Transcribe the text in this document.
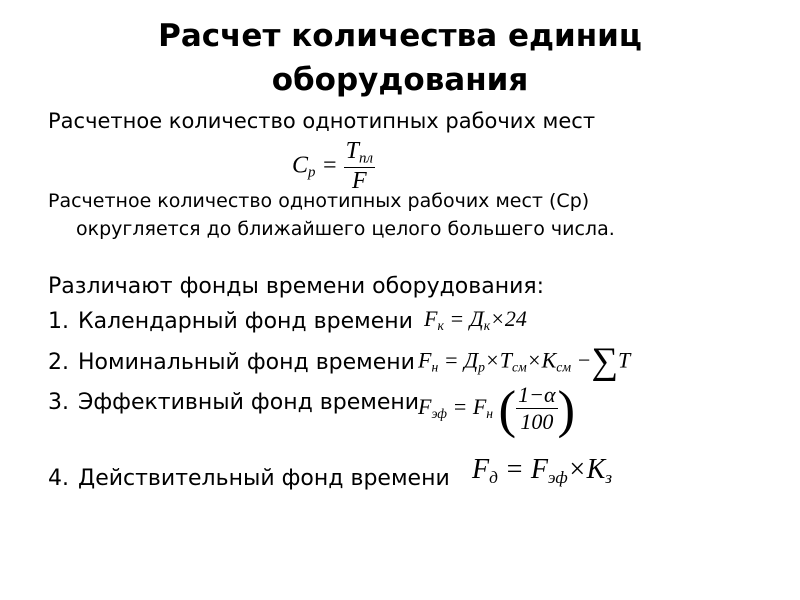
Расчет количества единиц
оборудования
Расчетное количество однотипных рабочих мест
$C_p = \frac{T_{пл}}{F}$
Расчетное количество однотипных рабочих мест (Ср)
округляется до ближайшего целого большего числа.
Различают фонды времени оборудования:
1. Календарный фонд времени
2. Номинальный фонд времени
3. Эффективный фонд времени
4. Действительный фонд времени
$F_к = Д_к\times 24$
$F_н = Д_р\times T_{см}\times K_{см} -\sum T$
$F_{эф} = F_н$ ( $\frac{1-\alpha}{100}$ )
$F_д = F_{эф}\times K_з$
